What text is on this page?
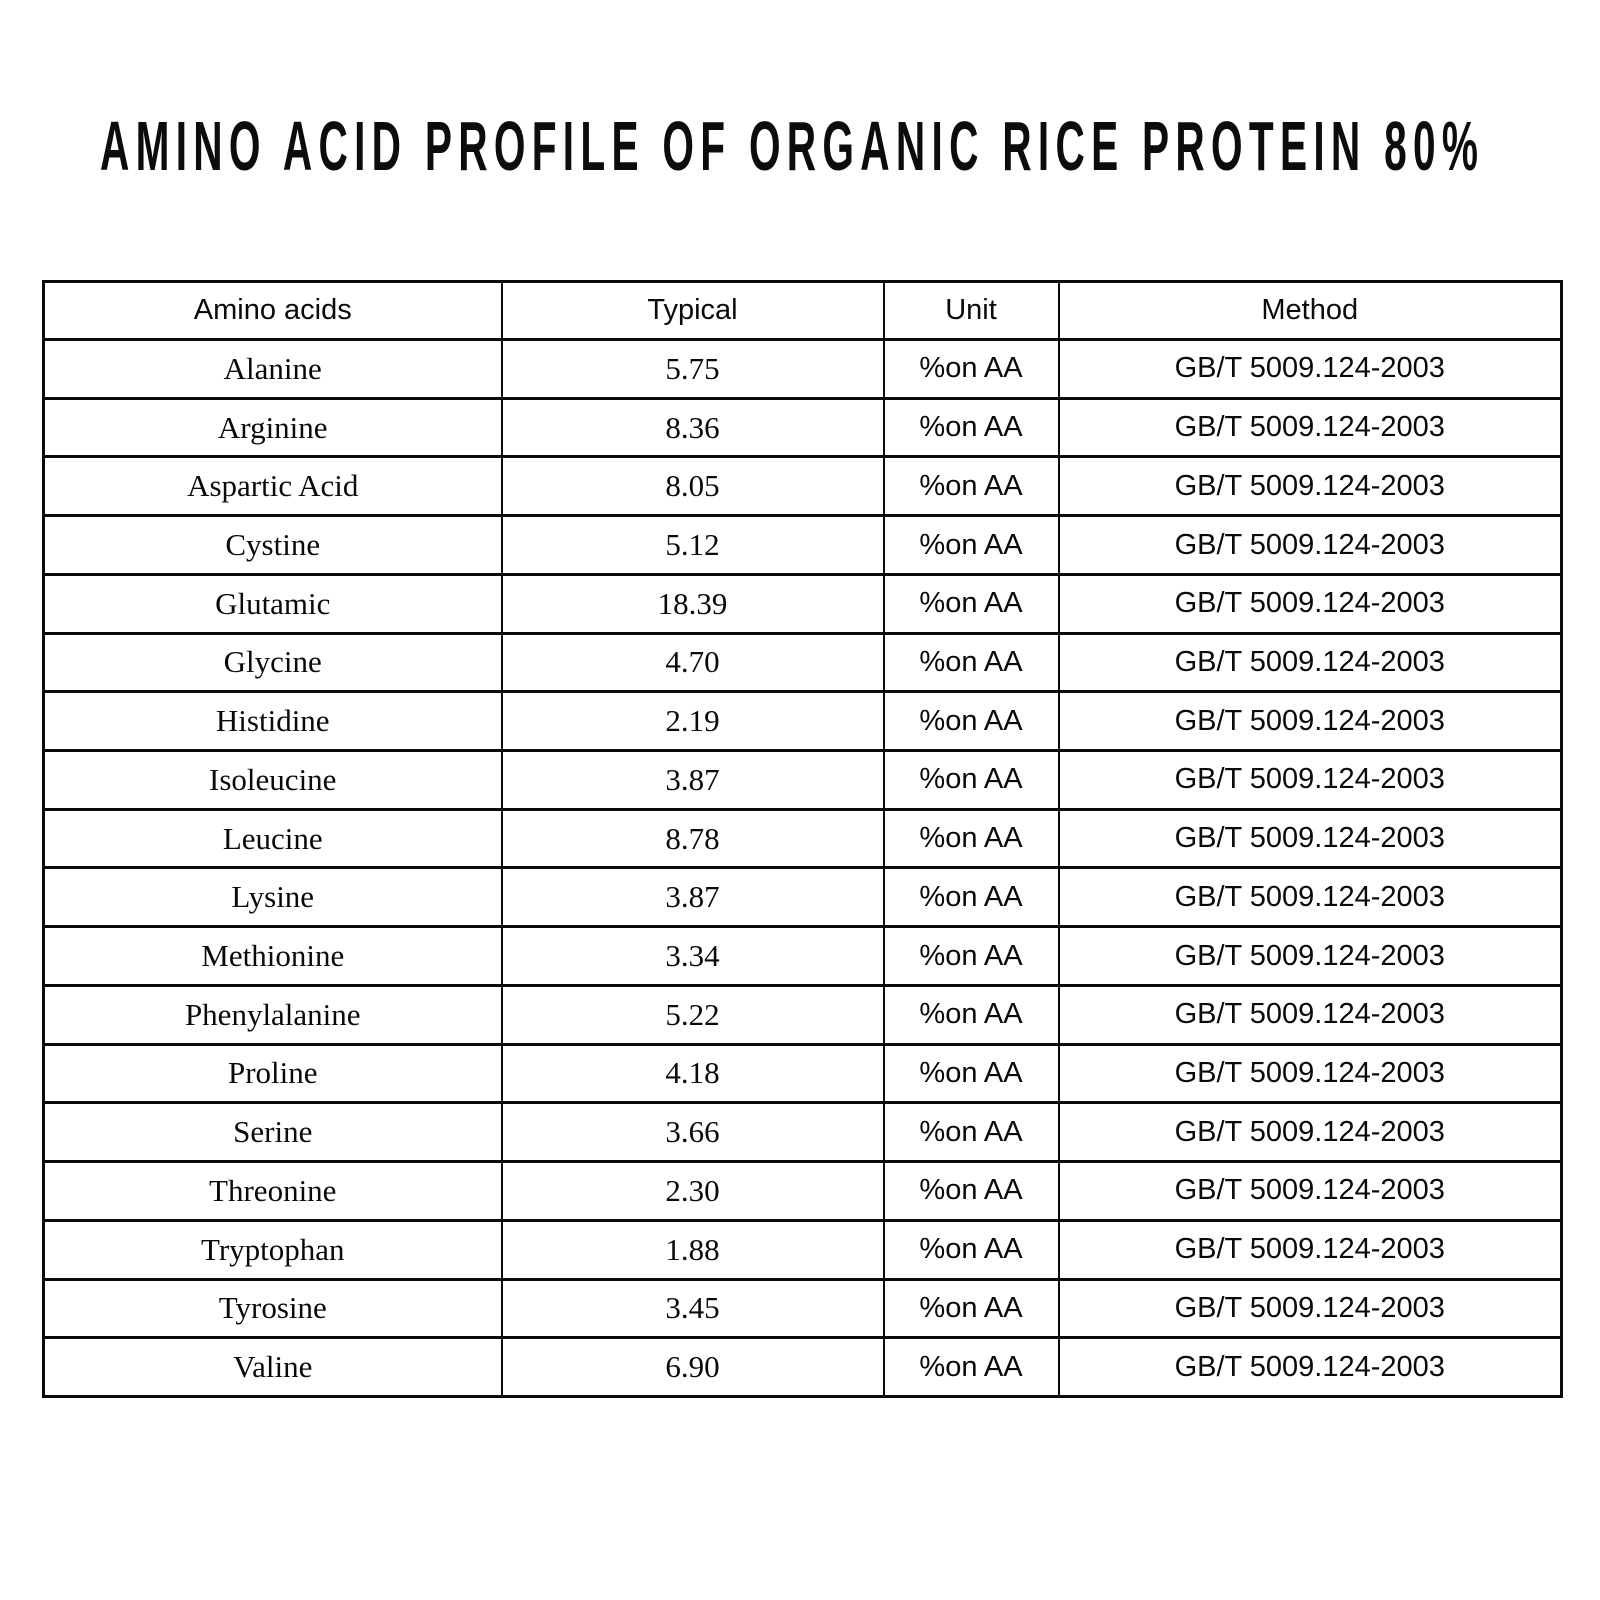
AMINO ACID PROFILE OF ORGANIC RICE PROTEIN 80%
Amino acids	Typical	Unit	Method
Alanine	5.75	%on AA	GB/T 5009.124-2003
Arginine	8.36	%on AA	GB/T 5009.124-2003
Aspartic Acid	8.05	%on AA	GB/T 5009.124-2003
Cystine	5.12	%on AA	GB/T 5009.124-2003
Glutamic	18.39	%on AA	GB/T 5009.124-2003
Glycine	4.70	%on AA	GB/T 5009.124-2003
Histidine	2.19	%on AA	GB/T 5009.124-2003
Isoleucine	3.87	%on AA	GB/T 5009.124-2003
Leucine	8.78	%on AA	GB/T 5009.124-2003
Lysine	3.87	%on AA	GB/T 5009.124-2003
Methionine	3.34	%on AA	GB/T 5009.124-2003
Phenylalanine	5.22	%on AA	GB/T 5009.124-2003
Proline	4.18	%on AA	GB/T 5009.124-2003
Serine	3.66	%on AA	GB/T 5009.124-2003
Threonine	2.30	%on AA	GB/T 5009.124-2003
Tryptophan	1.88	%on AA	GB/T 5009.124-2003
Tyrosine	3.45	%on AA	GB/T 5009.124-2003
Valine	6.90	%on AA	GB/T 5009.124-2003
